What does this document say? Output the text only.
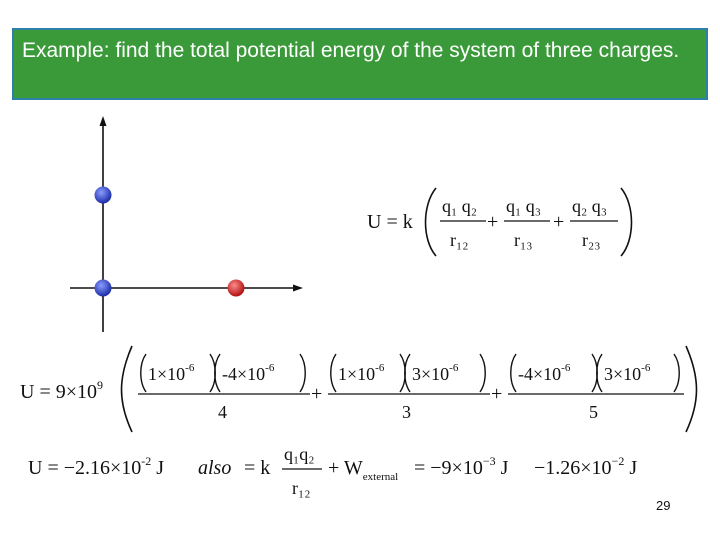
Example: find the total potential energy of the system of three charges.
U = k
q₁ q₂
r₁₂
+
q₁ q₃
r₁₃
+
q₂ q₃
r₂₃
$U = 9\times 10^9$
$1\times 10^{-6}$ $-4\times 10^{-6}$
4
+
$1\times 10^{-6}$ $3\times 10^{-6}$
3
+
$-4\times 10^{-6}$ $3\times 10^{-6}$
5
$U = -2.16\times 10^{-2}$ J also = k
q₁q₂
r₁₂
+ $W_{external} = -9\times 10^{-3}$ $J -1.26\times 10^{-2}$ J
29
